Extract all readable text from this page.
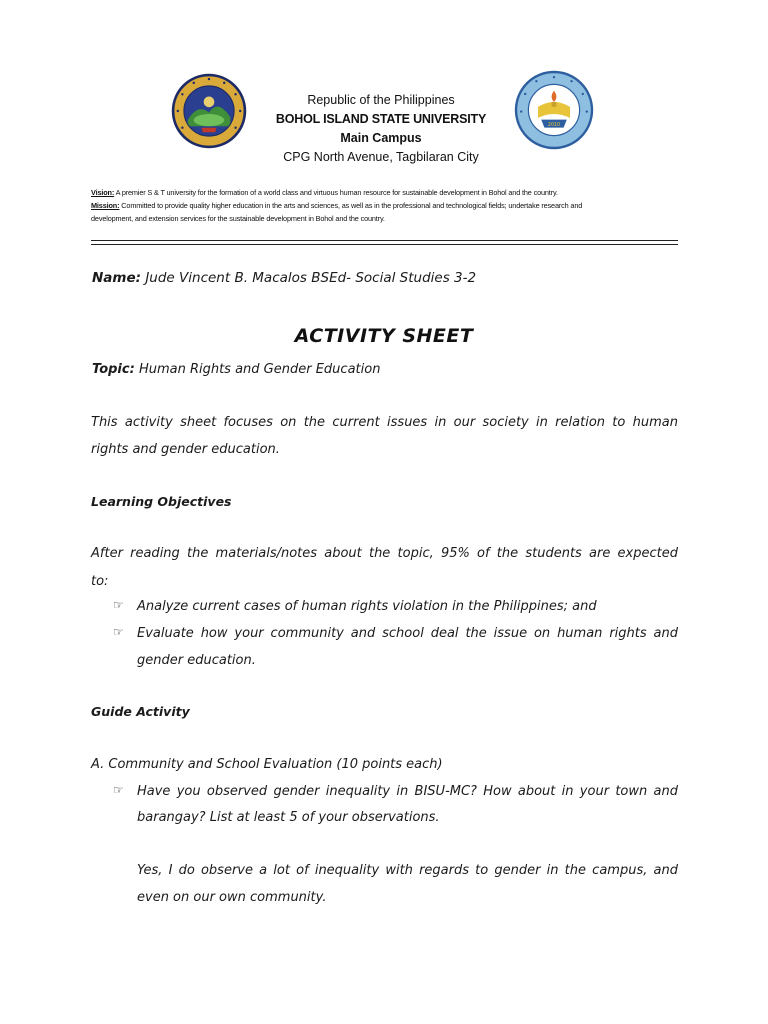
2010
Republic of the Philippines
BOHOL ISLAND STATE UNIVERSITY
Main Campus
CPG North Avenue, Tagbilaran City
Vision: A premier S & T university for the formation of a world class and virtuous human resource for sustainable development in Bohol and the country.
Mission: Committed to provide quality higher education in the arts and sciences, as well as in the professional and technological fields; undertake research and
development, and extension services for the sustainable development in Bohol and the country.
Name: Jude Vincent B. Macalos BSEd- Social Studies 3-2
ACTIVITY SHEET
Topic: Human Rights and Gender Education
This activity sheet focuses on the current issues in our society in relation to human
rights and gender education.
Learning Objectives
After reading the materials/notes about the topic, 95% of the students are expected
to:
☞ Analyze current cases of human rights violation in the Philippines; and
☞ Evaluate how your community and school deal the issue on human rights and
gender education.
Guide Activity
A. Community and School Evaluation (10 points each)
☞ Have you observed gender inequality in BISU-MC? How about in your town and
barangay? List at least 5 of your observations.
Yes, I do observe a lot of inequality with regards to gender in the campus, and
even on our own community.
